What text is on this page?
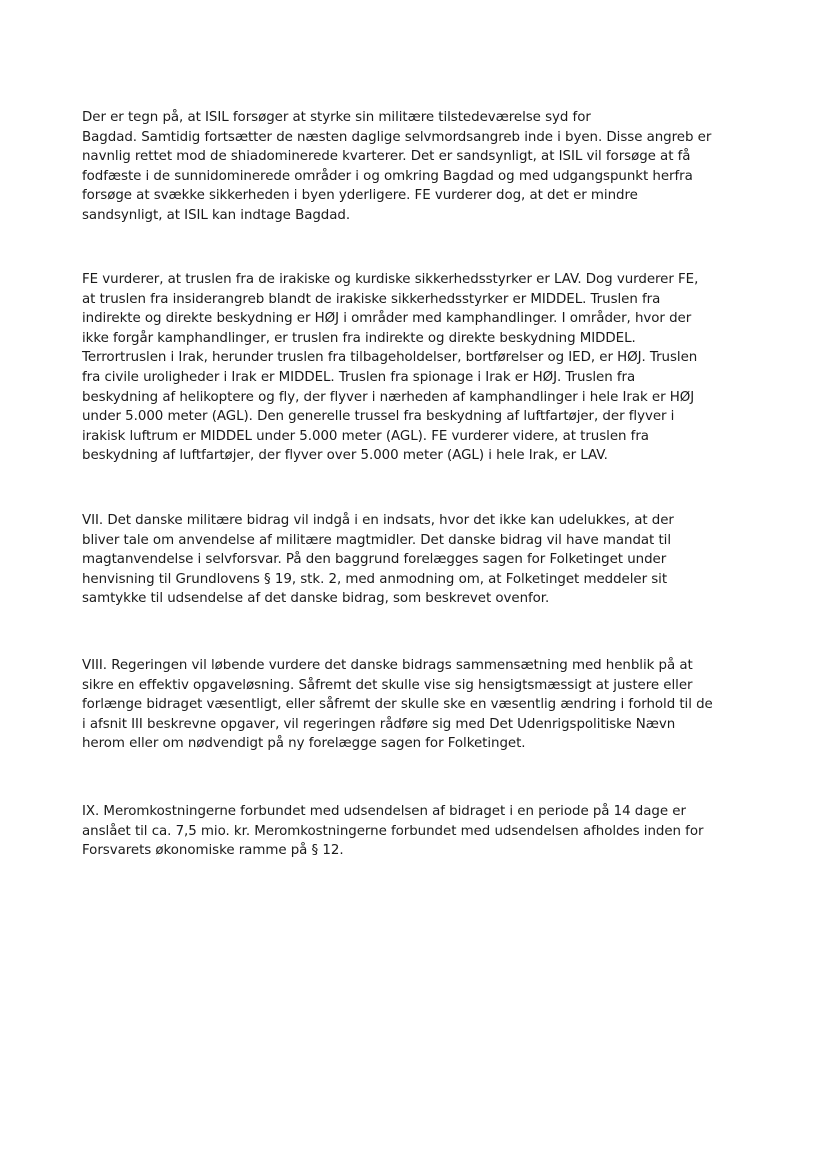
Der er tegn på, at ISIL forsøger at styrke sin militære tilstedeværelse syd for
Bagdad. Samtidig fortsætter de næsten daglige selvmordsangreb inde i byen. Disse angreb er
navnlig rettet mod de shiadominerede kvarterer. Det er sandsynligt, at ISIL vil forsøge at få
fodfæste i de sunnidominerede områder i og omkring Bagdad og med udgangspunkt herfra
forsøge at svække sikkerheden i byen yderligere. FE vurderer dog, at det er mindre
sandsynligt, at ISIL kan indtage Bagdad.

FE vurderer, at truslen fra de irakiske og kurdiske sikkerhedsstyrker er LAV. Dog vurderer FE,
at truslen fra insiderangreb blandt de irakiske sikkerhedsstyrker er MIDDEL. Truslen fra
indirekte og direkte beskydning er HØJ i områder med kamphandlinger. I områder, hvor der
ikke forgår kamphandlinger, er truslen fra indirekte og direkte beskydning MIDDEL.
Terrortruslen i Irak, herunder truslen fra tilbageholdelser, bortførelser og IED, er HØJ. Truslen
fra civile uroligheder i Irak er MIDDEL. Truslen fra spionage i Irak er HØJ. Truslen fra
beskydning af helikoptere og fly, der flyver i nærheden af kamphandlinger i hele Irak er HØJ
under 5.000 meter (AGL). Den generelle trussel fra beskydning af luftfartøjer, der flyver i
irakisk luftrum er MIDDEL under 5.000 meter (AGL). FE vurderer videre, at truslen fra
beskydning af luftfartøjer, der flyver over 5.000 meter (AGL) i hele Irak, er LAV.

VII. Det danske militære bidrag vil indgå i en indsats, hvor det ikke kan udelukkes, at der
bliver tale om anvendelse af militære magtmidler. Det danske bidrag vil have mandat til
magtanvendelse i selvforsvar. På den baggrund forelægges sagen for Folketinget under
henvisning til Grundlovens § 19, stk. 2, med anmodning om, at Folketinget meddeler sit
samtykke til udsendelse af det danske bidrag, som beskrevet ovenfor.

VIII. Regeringen vil løbende vurdere det danske bidrags sammensætning med henblik på at
sikre en effektiv opgaveløsning. Såfremt det skulle vise sig hensigtsmæssigt at justere eller
forlænge bidraget væsentligt, eller såfremt der skulle ske en væsentlig ændring i forhold til de
i afsnit III beskrevne opgaver, vil regeringen rådføre sig med Det Udenrigspolitiske Nævn
herom eller om nødvendigt på ny forelægge sagen for Folketinget.

IX. Meromkostningerne forbundet med udsendelsen af bidraget i en periode på 14 dage er
anslået til ca. 7,5 mio. kr. Meromkostningerne forbundet med udsendelsen afholdes inden for
Forsvarets økonomiske ramme på § 12.
